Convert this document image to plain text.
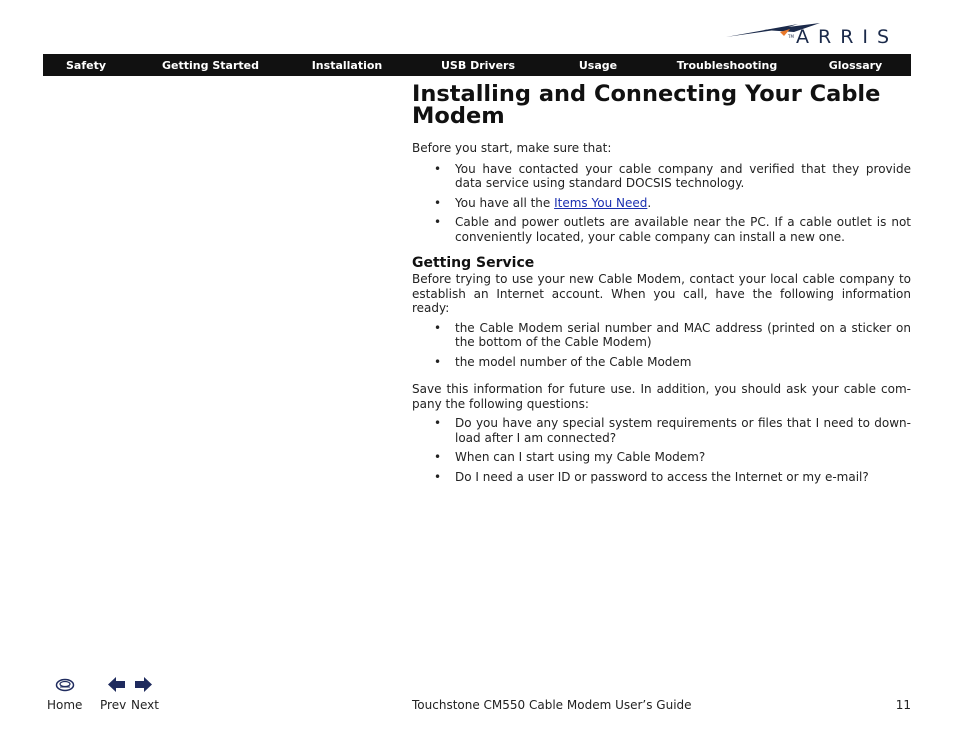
TM ARRIS
Safety	Getting Started	Installation	USB Drivers	Usage	Troubleshooting	Glossary
Installing and Connecting Your Cable Modem

Before you start, make sure that:

• You have contacted your cable company and verified that they provide data service using standard DOCSIS technology.
• You have all the Items You Need.
• Cable and power outlets are available near the PC. If a cable outlet is not conveniently located, your cable company can install a new one.
Getting Service

Before trying to use your new Cable Modem, contact your local cable company to establish an Internet account. When you call, have the following information ready:

• the Cable Modem serial number and MAC address (printed on a sticker on the bottom of the Cable Modem)
• the model number of the Cable Modem

Save this information for future use. In addition, you should ask your cable com-pany the following questions:

• Do you have any special system requirements or files that I need to down-load after I am connected?
• When can I start using my Cable Modem?
• Do I need a user ID or password to access the Internet or my e-mail?
Home Prev Next	Touchstone CM550 Cable Modem User’s Guide	11
